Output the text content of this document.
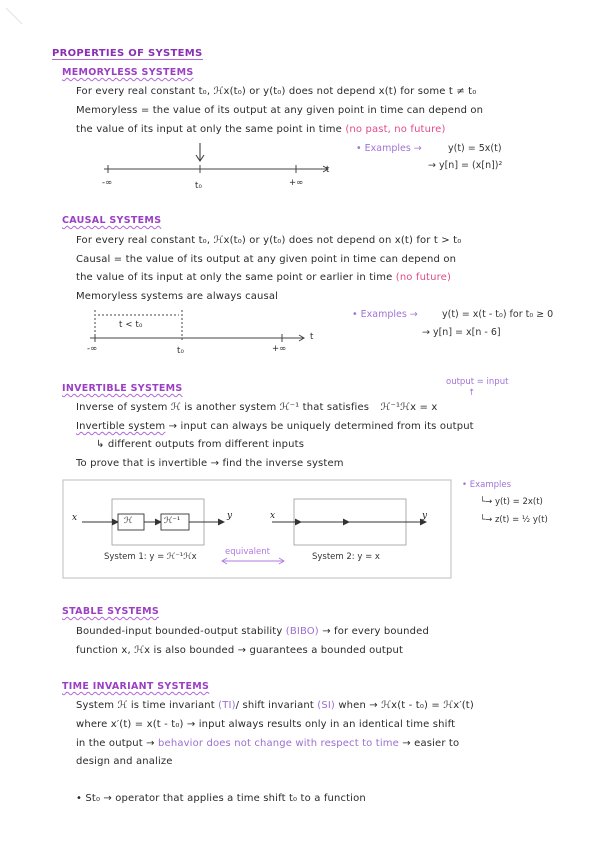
PROPERTIES OF SYSTEMS
MEMORYLESS SYSTEMS
For every real constant t₀, ℋx(t₀) or y(t₀) does not depend x(t) for some t ≠ t₀
Memoryless = the value of its output at any given point in time can depend on
the value of its input at only the same point in time (no past, no future)
-∞	t₀	+∞
t
• Examples →	y(t) = 5x(t)
→ y[n] = (x[n])²
CAUSAL SYSTEMS
For every real constant t₀, ℋx(t₀) or y(t₀) does not depend on x(t) for t > t₀
Causal = the value of its output at any given point in time can depend on
the value of its input at only the same point or earlier in time (no future)
Memoryless systems are always causal
t < t₀
-∞	t₀	+∞
t
• Examples →	y(t) = x(t - t₀) for t₀ ≥ 0
→ y[n] = x[n - 6]
INVERTIBLE SYSTEMS
output = input
↑
Inverse of system ℋ is another system ℋ⁻¹ that satisfies ℋ⁻¹ℋx = x
Invertible system → input can always be uniquely determined from its output
↳ different outputs from different inputs
To prove that is invertible → find the inverse system
x	ℋ	ℋ⁻¹	y	x	y
System 1: y = ℋ⁻¹ℋx	equivalent	System 2: y = x
• Examples
└→ y(t) = 2x(t)
└→ z(t) = ½ y(t)
STABLE SYSTEMS
Bounded-input bounded-output stability (BIBO) → for every bounded
function x, ℋx is also bounded → guarantees a bounded output
TIME INVARIANT SYSTEMS
System ℋ is time invariant (TI)/ shift invariant (SI) when → ℋx(t - t₀) = ℋx′(t)
where x′(t) = x(t - t₀) → input always results only in an identical time shift
in the output → behavior does not change with respect to time → easier to
design and analize
• St₀ → operator that applies a time shift t₀ to a function
